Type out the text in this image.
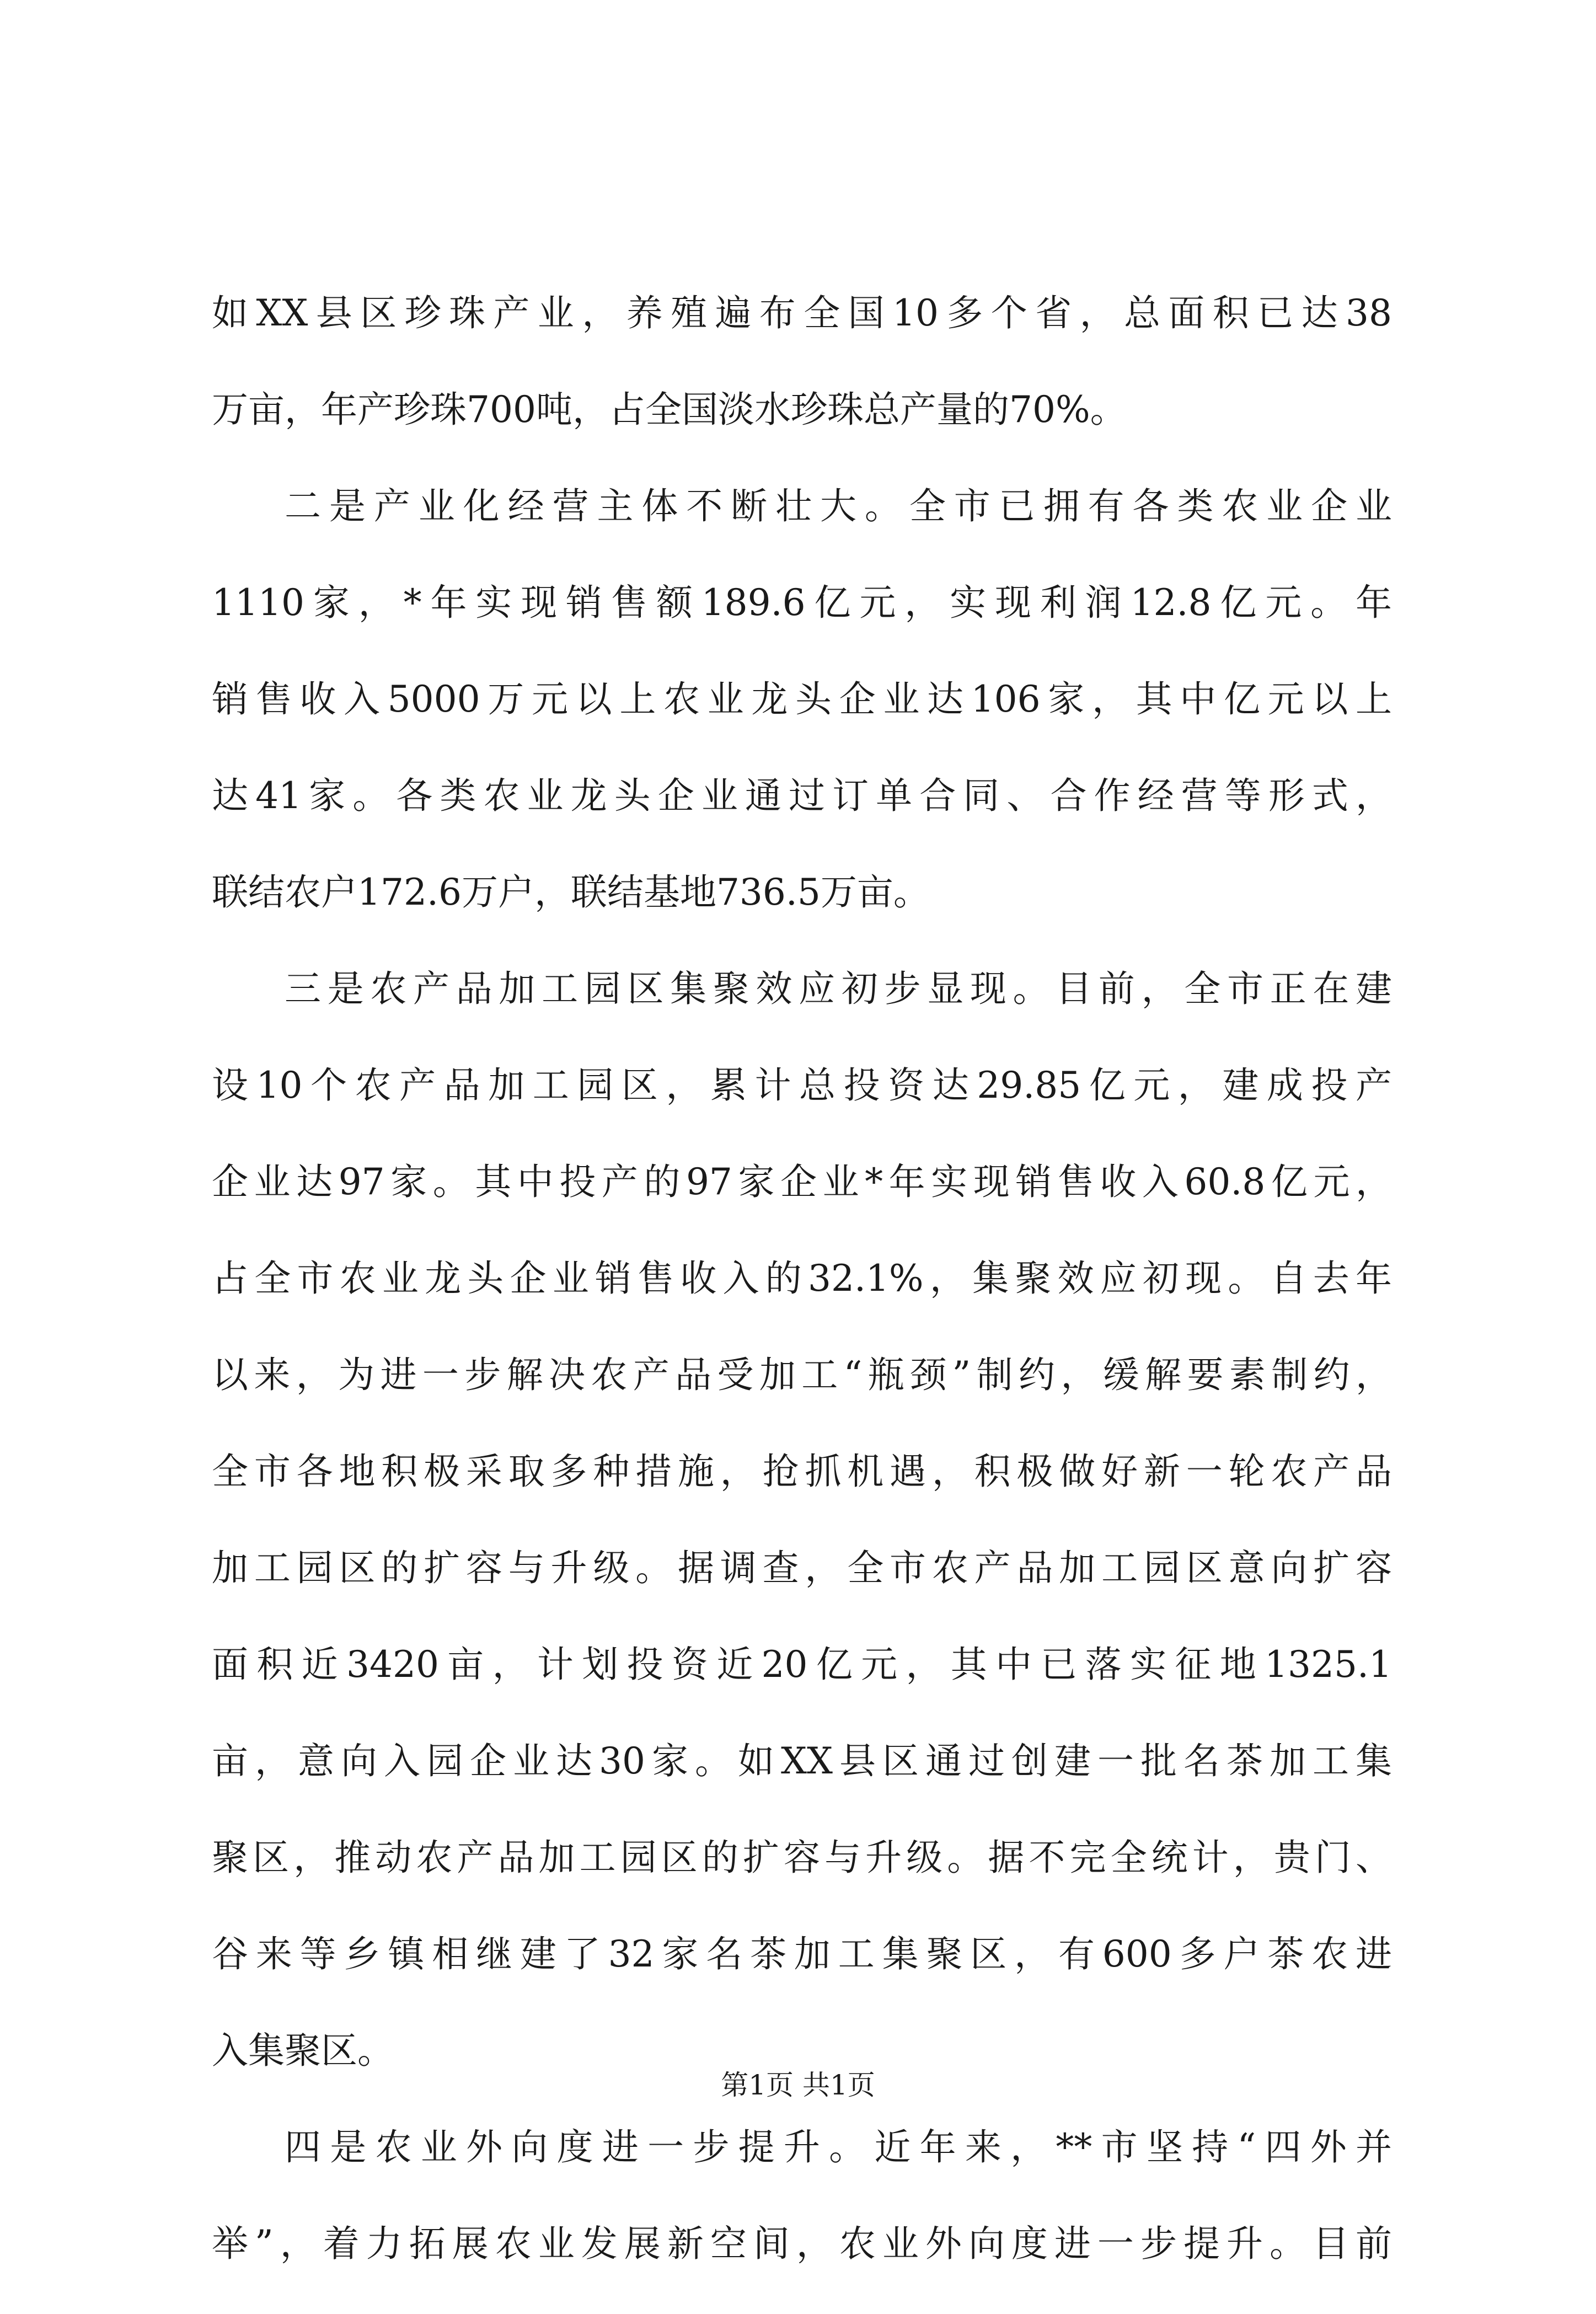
如XX县区珍珠产业，养殖遍布全国10多个省，总面积已达38
万亩，年产珍珠700吨，占全国淡水珍珠总产量的70%。
二是产业化经营主体不断壮大。全市已拥有各类农业企业
1110家，*年实现销售额189.6亿元，实现利润12.8亿元。年
销售收入5000万元以上农业龙头企业达106家，其中亿元以上
达41家。各类农业龙头企业通过订单合同、合作经营等形式，
联结农户172.6万户，联结基地736.5万亩。
三是农产品加工园区集聚效应初步显现。目前，全市正在建
设10个农产品加工园区，累计总投资达29.85亿元，建成投产
企业达97家。其中投产的97家企业*年实现销售收入60.8亿元，
占全市农业龙头企业销售收入的32.1%，集聚效应初现。自去年
以来，为进一步解决农产品受加工“瓶颈”制约，缓解要素制约，
全市各地积极采取多种措施，抢抓机遇，积极做好新一轮农产品
加工园区的扩容与升级。据调查，全市农产品加工园区意向扩容
面积近3420亩，计划投资近20亿元，其中已落实征地1325.1
亩，意向入园企业达30家。如XX县区通过创建一批名茶加工集
聚区，推动农产品加工园区的扩容与升级。据不完全统计，贵门、
谷来等乡镇相继建了32家名茶加工集聚区，有600多户茶农进
入集聚区。
四是农业外向度进一步提升。近年来，**市坚持“四外并
举”，着力拓展农业发展新空间，农业外向度进一步提升。目前
第1页 共1页
